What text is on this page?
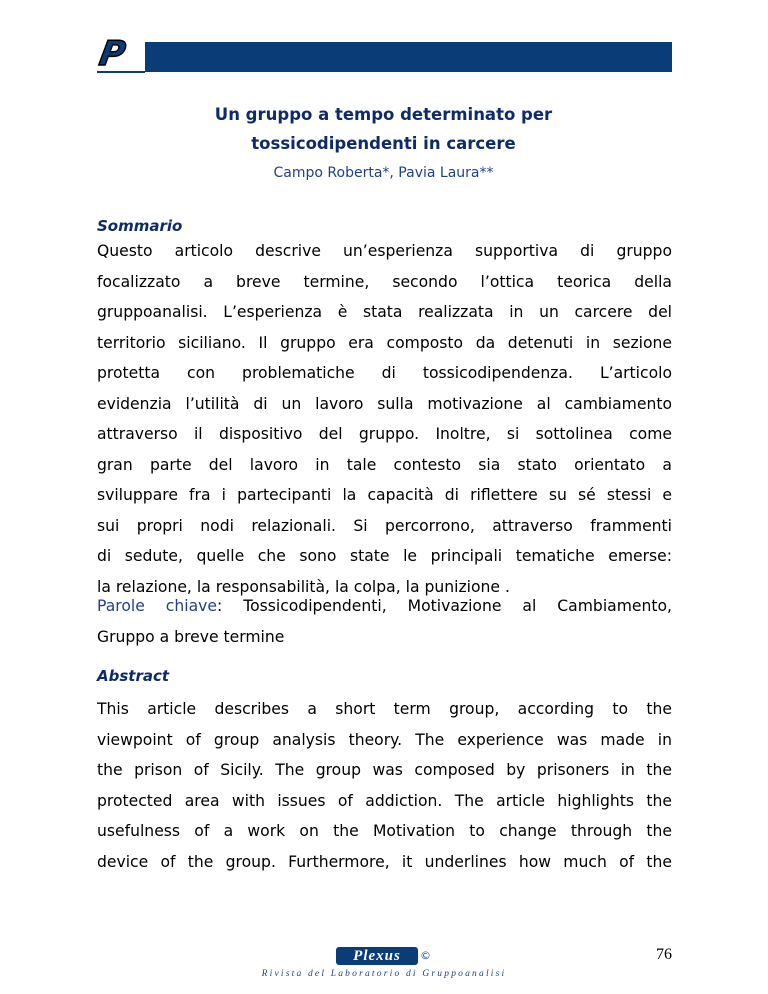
P
Un gruppo a tempo determinato per
tossicodipendenti in carcere
Campo Roberta*, Pavia Laura**
Sommario
Questo articolo descrive un’esperienza supportiva di gruppo
focalizzato a breve termine, secondo l’ottica teorica della
gruppoanalisi. L’esperienza è stata realizzata in un carcere del
territorio siciliano. Il gruppo era composto da detenuti in sezione
protetta con problematiche di tossicodipendenza. L’articolo
evidenzia l’utilità di un lavoro sulla motivazione al cambiamento
attraverso il dispositivo del gruppo. Inoltre, si sottolinea come
gran parte del lavoro in tale contesto sia stato orientato a
sviluppare fra i partecipanti la capacità di riflettere su sé stessi e
sui propri nodi relazionali. Si percorrono, attraverso frammenti
di sedute, quelle che sono state le principali tematiche emerse:
la relazione, la responsabilità, la colpa, la punizione .
Parole chiave: Tossicodipendenti, Motivazione al Cambiamento,
Gruppo a breve termine
Abstract
This article describes a short term group, according to the
viewpoint of group analysis theory. The experience was made in
the prison of Sicily. The group was composed by prisoners in the
protected area with issues of addiction. The article highlights the
usefulness of a work on the Motivation to change through the
device of the group. Furthermore, it underlines how much of the
Plexus	©
Rivista del Laboratorio di Gruppoanalisi
76
